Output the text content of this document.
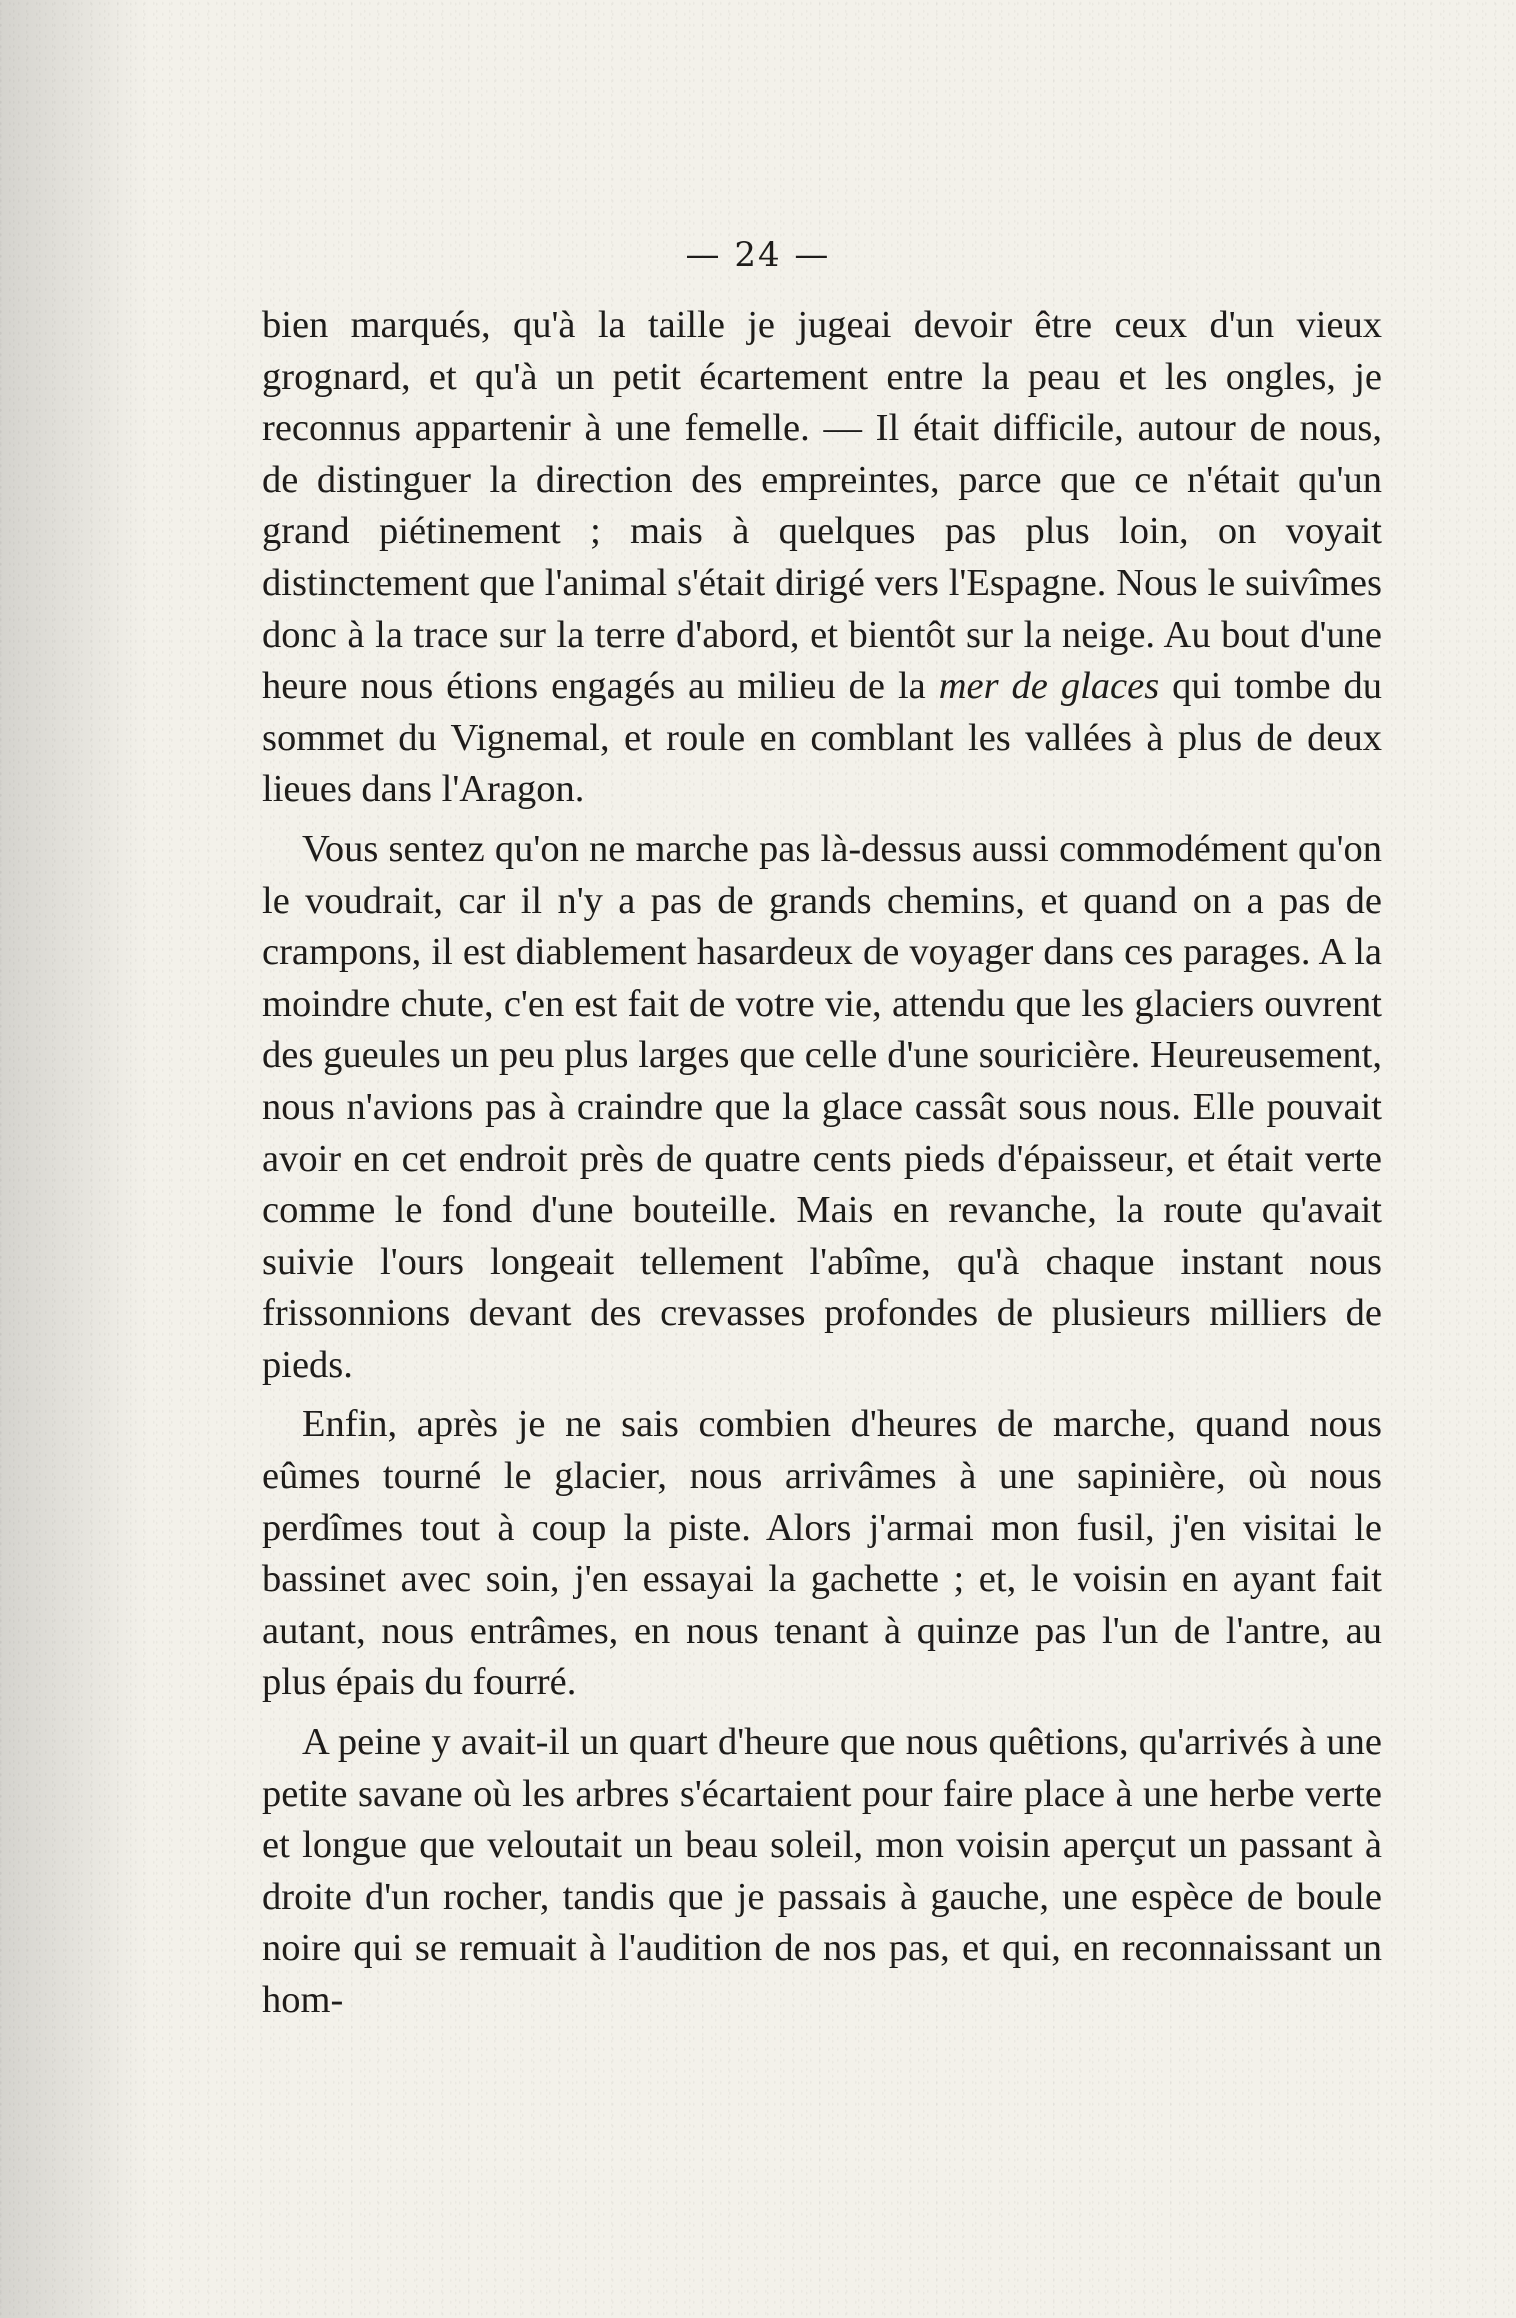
— 24 —

bien marqués, qu'à la taille je jugeai devoir être ceux d'un vieux grognard, et qu'à un petit écartement entre la peau et les ongles, je reconnus appartenir à une femelle. — Il était difficile, autour de nous, de distinguer la direction des empreintes, parce que ce n'était qu'un grand piétinement ; mais à quelques pas plus loin, on voyait distinctement que l'animal s'était dirigé vers l'Espagne. Nous le suivîmes donc à la trace sur la terre d'abord, et bientôt sur la neige. Au bout d'une heure nous étions engagés au milieu de la mer de glaces qui tombe du sommet du Vignemal, et roule en comblant les vallées à plus de deux lieues dans l'Aragon.

Vous sentez qu'on ne marche pas là-dessus aussi commodément qu'on le voudrait, car il n'y a pas de grands chemins, et quand on a pas de crampons, il est diablement hasardeux de voyager dans ces parages. A la moindre chute, c'en est fait de votre vie, attendu que les glaciers ouvrent des gueules un peu plus larges que celle d'une souricière. Heureusement, nous n'avions pas à craindre que la glace cassât sous nous. Elle pouvait avoir en cet endroit près de quatre cents pieds d'épaisseur, et était verte comme le fond d'une bouteille. Mais en revanche, la route qu'avait suivie l'ours longeait tellement l'abîme, qu'à chaque instant nous frissonnions devant des crevasses profondes de plusieurs milliers de pieds.

Enfin, après je ne sais combien d'heures de marche, quand nous eûmes tourné le glacier, nous arrivâmes à une sapinière, où nous perdîmes tout à coup la piste. Alors j'armai mon fusil, j'en visitai le bassinet avec soin, j'en essayai la gachette ; et, le voisin en ayant fait autant, nous entrâmes, en nous tenant à quinze pas l'un de l'antre, au plus épais du fourré.

A peine y avait-il un quart d'heure que nous quêtions, qu'arrivés à une petite savane où les arbres s'écartaient pour faire place à une herbe verte et longue que veloutait un beau soleil, mon voisin aperçut un passant à droite d'un rocher, tandis que je passais à gauche, une espèce de boule noire qui se remuait à l'audition de nos pas, et qui, en reconnaissant un hom-
